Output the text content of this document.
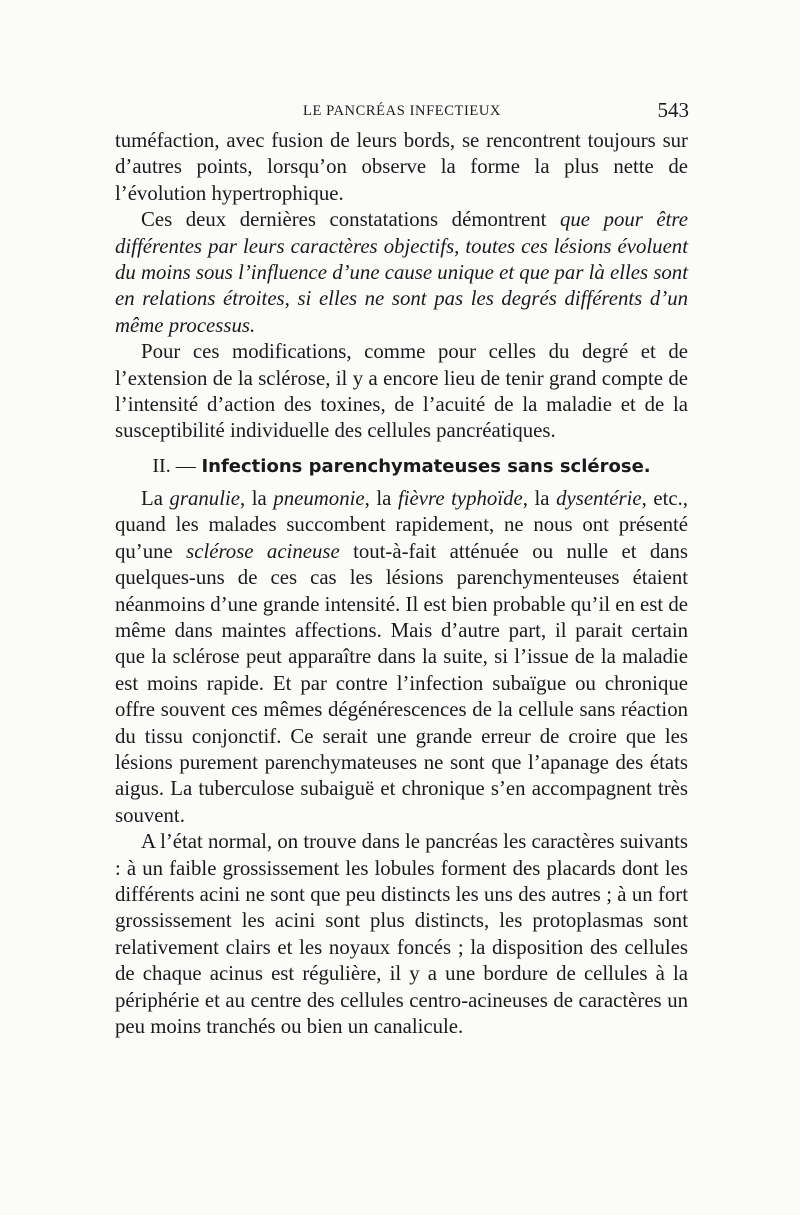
LE PANCRÉAS INFECTIEUX	543

tuméfaction, avec fusion de leurs bords, se rencontrent toujours sur d’autres points, lorsqu’on observe la forme la plus nette de l’évolution hypertrophique.

Ces deux dernières constatations démontrent que pour être différentes par leurs caractères objectifs, toutes ces lésions évoluent du moins sous l’influence d’une cause unique et que par là elles sont en relations étroites, si elles ne sont pas les degrés différents d’un même processus.

Pour ces modifications, comme pour celles du degré et de l’extension de la sclérose, il y a encore lieu de tenir grand compte de l’intensité d’action des toxines, de l’acuité de la maladie et de la susceptibilité individuelle des cellules pancréatiques.

II. — Infections parenchymateuses sans sclérose.

La granulie, la pneumonie, la fièvre typhoïde, la dysentérie, etc., quand les malades succombent rapidement, ne nous ont présenté qu’une sclérose acineuse tout-à-fait atténuée ou nulle et dans quelques-uns de ces cas les lésions parenchymenteuses étaient néanmoins d’une grande intensité. Il est bien probable qu’il en est de même dans maintes affections. Mais d’autre part, il parait certain que la sclérose peut apparaître dans la suite, si l’issue de la maladie est moins rapide. Et par contre l’infection subaïgue ou chronique offre souvent ces mêmes dégénérescences de la cellule sans réaction du tissu conjonctif. Ce serait une grande erreur de croire que les lésions purement parenchymateuses ne sont que l’apanage des états aigus. La tuberculose subaiguë et chronique s’en accompagnent très souvent.

A l’état normal, on trouve dans le pancréas les caractères suivants : à un faible grossissement les lobules forment des placards dont les différents acini ne sont que peu distincts les uns des autres ; à un fort grossissement les acini sont plus distincts, les protoplasmas sont relativement clairs et les noyaux foncés ; la disposition des cellules de chaque acinus est régulière, il y a une bordure de cellules à la périphérie et au centre des cellules centro-acineuses de caractères un peu moins tranchés ou bien un canalicule.
